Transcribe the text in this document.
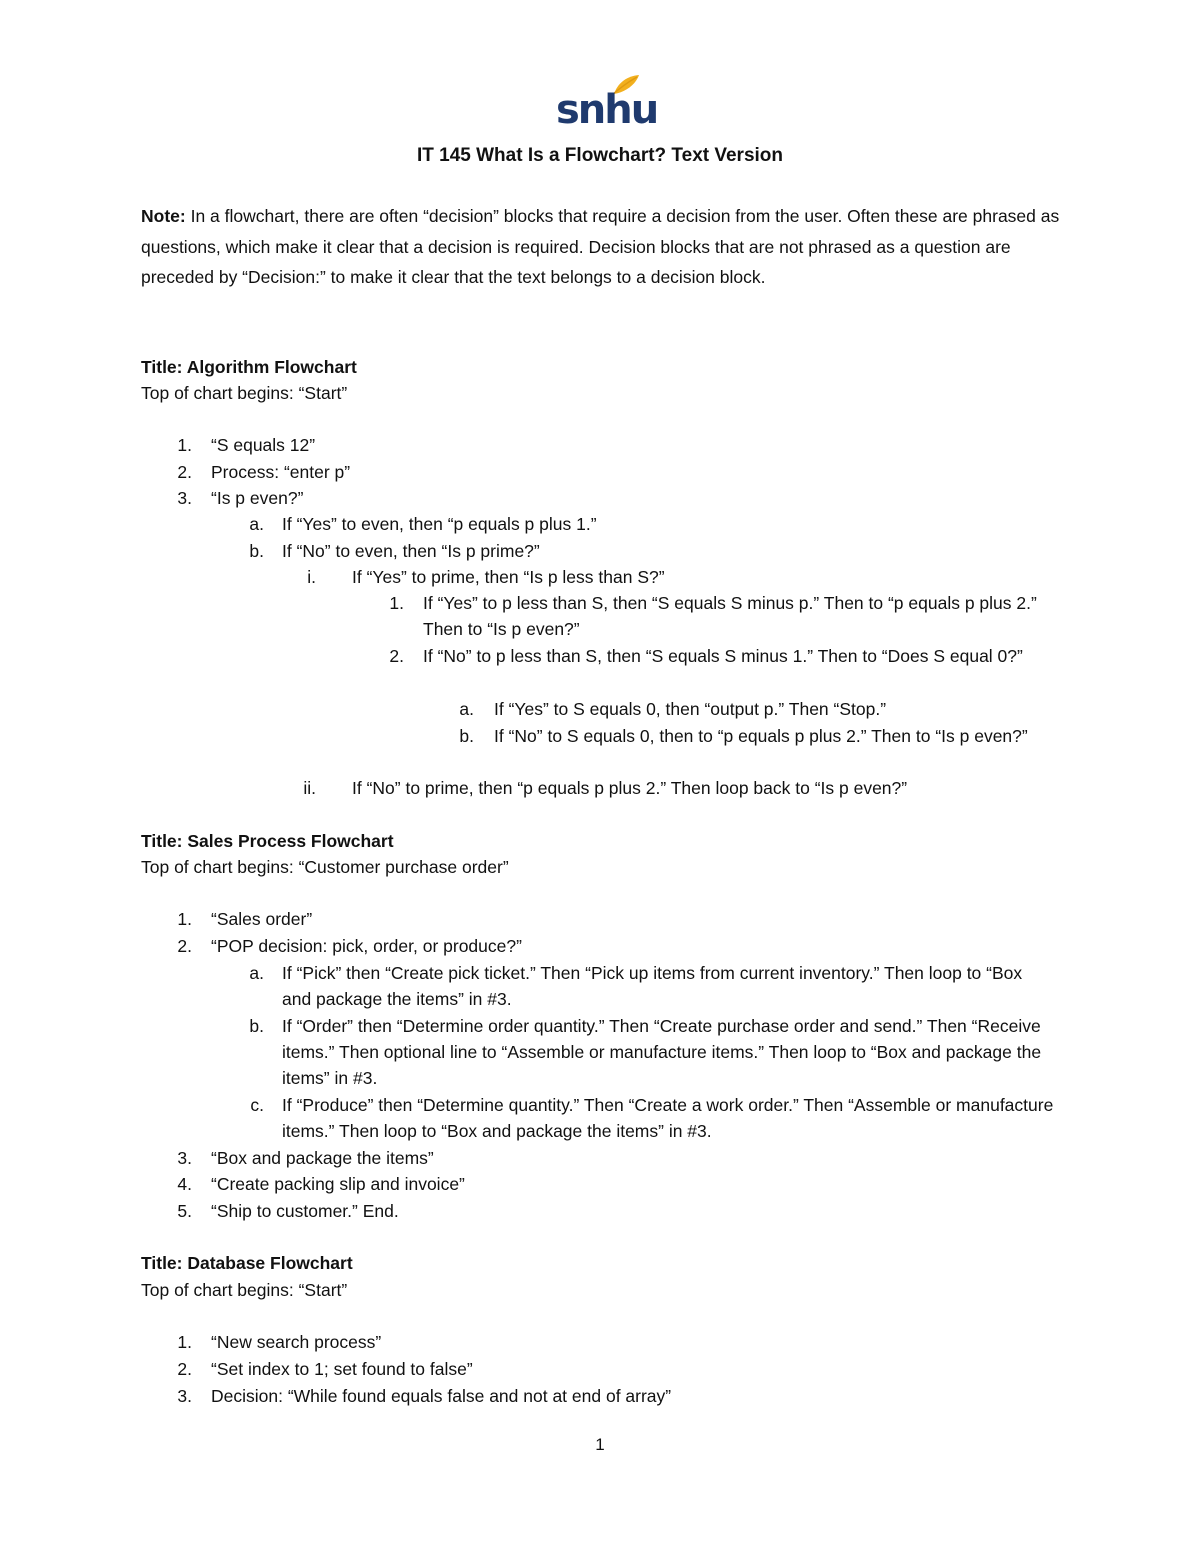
snhu
IT 145 What Is a Flowchart? Text Version
Note: In a flowchart, there are often “decision” blocks that require a decision from the user. Often these are phrased as questions, which make it clear that a decision is required. Decision blocks that are not phrased as a question are preceded by “Decision:” to make it clear that the text belongs to a decision block.
Title: Algorithm Flowchart
Top of chart begins: “Start”
1. “S equals 12”
2. Process: “enter p”
3. “Is p even?”
a. If “Yes” to even, then “p equals p plus 1.”
b. If “No” to even, then “Is p prime?”
i. If “Yes” to prime, then “Is p less than S?”
1. If “Yes” to p less than S, then “S equals S minus p.” Then to “p equals p plus 2.” Then to “Is p even?”
2. If “No” to p less than S, then “S equals S minus 1.” Then to “Does S equal 0?”
a. If “Yes” to S equals 0, then “output p.” Then “Stop.”
b. If “No” to S equals 0, then to “p equals p plus 2.” Then to “Is p even?”
ii. If “No” to prime, then “p equals p plus 2.” Then loop back to “Is p even?”
Title: Sales Process Flowchart
Top of chart begins: “Customer purchase order”
1. “Sales order”
2. “POP decision: pick, order, or produce?”
a. If “Pick” then “Create pick ticket.” Then “Pick up items from current inventory.” Then loop to “Box and package the items” in #3.
b. If “Order” then “Determine order quantity.” Then “Create purchase order and send.” Then “Receive items.” Then optional line to “Assemble or manufacture items.” Then loop to “Box and package the items” in #3.
c. If “Produce” then “Determine quantity.” Then “Create a work order.” Then “Assemble or manufacture items.” Then loop to “Box and package the items” in #3.
3. “Box and package the items”
4. “Create packing slip and invoice”
5. “Ship to customer.” End.
Title: Database Flowchart
Top of chart begins: “Start”
1. “New search process”
2. “Set index to 1; set found to false”
3. Decision: “While found equals false and not at end of array”
1
